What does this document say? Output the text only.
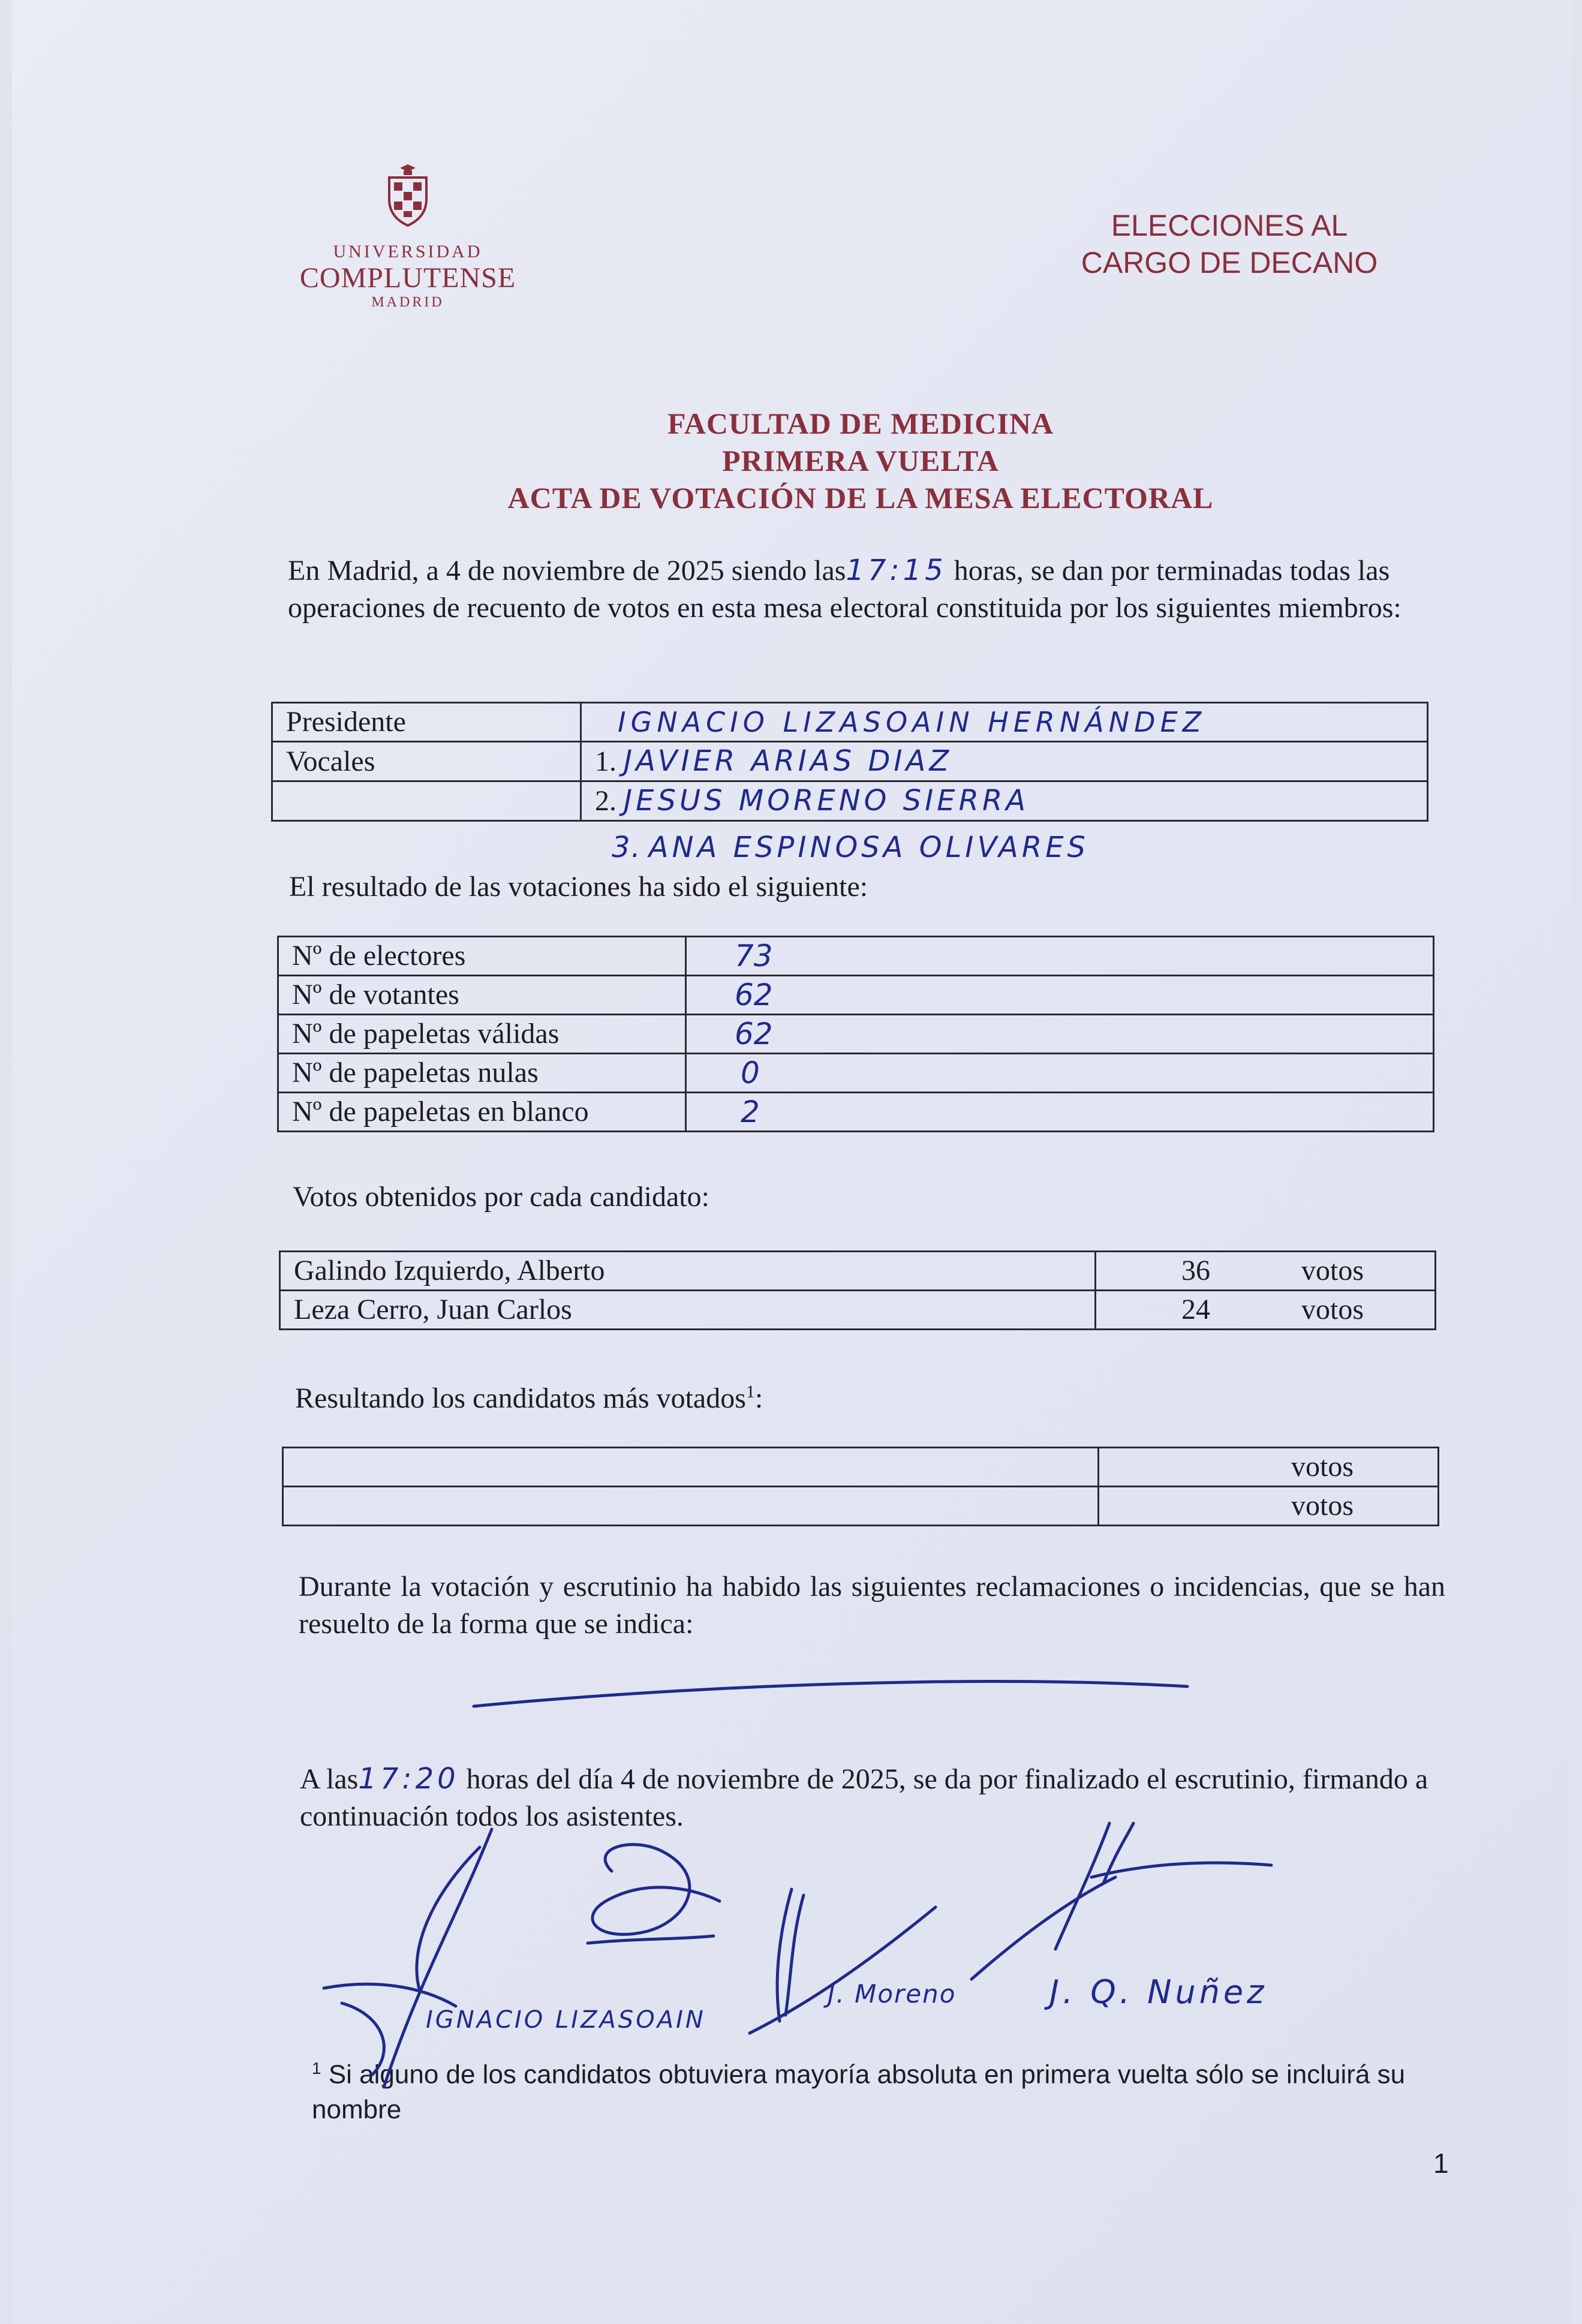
UNIVERSIDAD
COMPLUTENSE
MADRID
ELECCIONES AL
CARGO DE DECANO
FACULTAD DE MEDICINA
PRIMERA VUELTA
ACTA DE VOTACIÓN DE LA MESA ELECTORAL
En Madrid, a 4 de noviembre de 2025 siendo las17:15 horas, se dan por terminadas todas las operaciones de recuento de votos en esta mesa electoral constituida por los siguientes miembros:
Presidente	IGNACIO LIZASOAIN HERNÁNDEZ
Vocales	1. JAVIER ARIAS DIAZ
	2. JESUS MORENO SIERRA
3. ANA ESPINOSA OLIVARES
El resultado de las votaciones ha sido el siguiente:
Nº de electores	73
Nº de votantes	62
Nº de papeletas válidas	62
Nº de papeletas nulas	0
Nº de papeletas en blanco	2
Votos obtenidos por cada candidato:
Galindo Izquierdo, Alberto	36 votos
Leza Cerro, Juan Carlos	24 votos
Resultando los candidatos más votados$^1$:
	votos
	votos
Durante la votación y escrutinio ha habido las siguientes reclamaciones o incidencias, que se han resuelto de la forma que se indica:
A las17:20 horas del día 4 de noviembre de 2025, se da por finalizado el escrutinio, firmando a continuación todos los asistentes.
IGNACIO LIZASOAIN
J. Moreno	J. Q. Nuñez
$^1$ Si alguno de los candidatos obtuviera mayoría absoluta en primera vuelta sólo se incluirá su nombre
1
